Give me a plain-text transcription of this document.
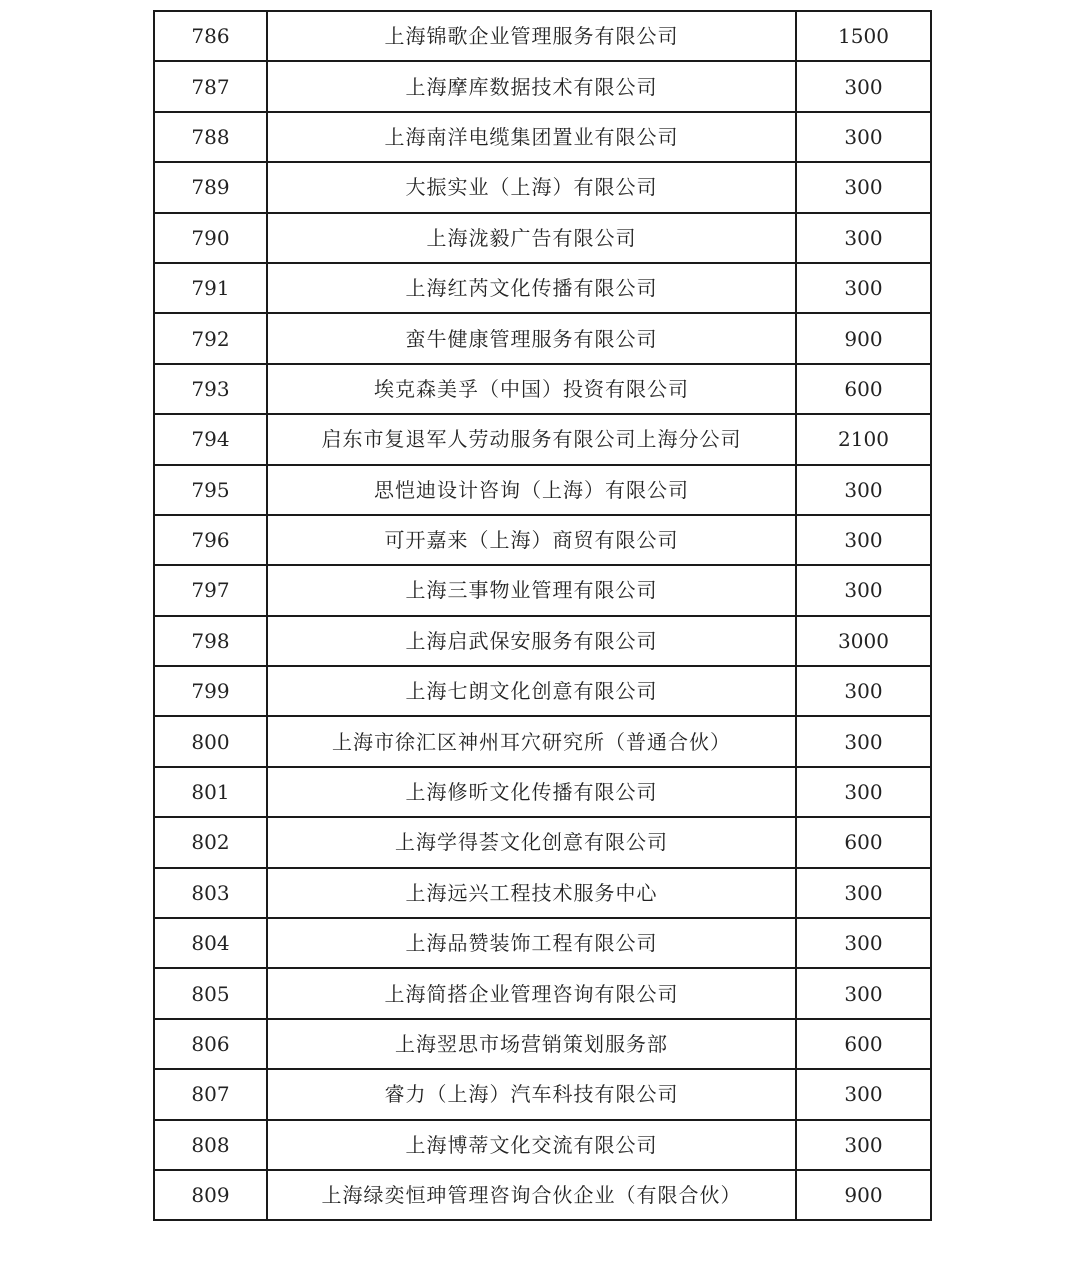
786	上海锦歌企业管理服务有限公司	1500
787	上海摩库数据技术有限公司	300
788	上海南洋电缆集团置业有限公司	300
789	大振实业（上海）有限公司	300
790	上海泷毅广告有限公司	300
791	上海红芮文化传播有限公司	300
792	蛮牛健康管理服务有限公司	900
793	埃克森美孚（中国）投资有限公司	600
794	启东市复退军人劳动服务有限公司上海分公司	2100
795	思恺迪设计咨询（上海）有限公司	300
796	可开嘉来（上海）商贸有限公司	300
797	上海三事物业管理有限公司	300
798	上海启武保安服务有限公司	3000
799	上海七朗文化创意有限公司	300
800	上海市徐汇区神州耳穴研究所（普通合伙）	300
801	上海修昕文化传播有限公司	300
802	上海学得荟文化创意有限公司	600
803	上海远兴工程技术服务中心	300
804	上海品赞装饰工程有限公司	300
805	上海简搭企业管理咨询有限公司	300
806	上海翌思市场营销策划服务部	600
807	睿力（上海）汽车科技有限公司	300
808	上海博蒂文化交流有限公司	300
809	上海绿奕恒珅管理咨询合伙企业（有限合伙）	900
